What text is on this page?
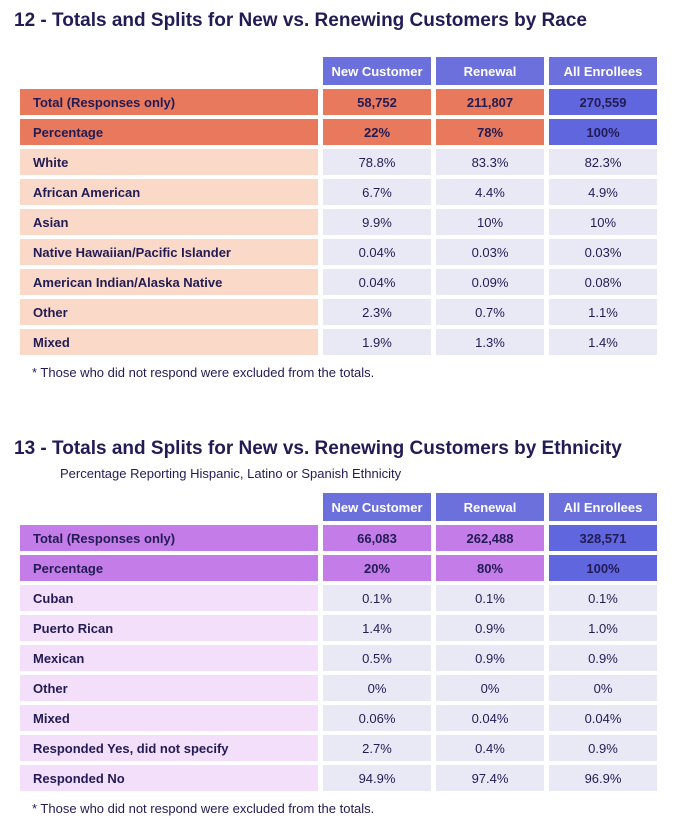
12 - Totals and Splits for New vs. Renewing Customers by Race
New Customer	Renewal	All Enrollees
Total (Responses only)	58,752	211,807	270,559
Percentage	22%	78%	100%
White	78.8%	83.3%	82.3%
African American	6.7%	4.4%	4.9%
Asian	9.9%	10%	10%
Native Hawaiian/Pacific Islander	0.04%	0.03%	0.03%
American Indian/Alaska Native	0.04%	0.09%	0.08%
Other	2.3%	0.7%	1.1%
Mixed	1.9%	1.3%	1.4%
* Those who did not respond were excluded from the totals.
13 - Totals and Splits for New vs. Renewing Customers by Ethnicity
Percentage Reporting Hispanic, Latino or Spanish Ethnicity
New Customer	Renewal	All Enrollees
Total (Responses only)	66,083	262,488	328,571
Percentage	20%	80%	100%
Cuban	0.1%	0.1%	0.1%
Puerto Rican	1.4%	0.9%	1.0%
Mexican	0.5%	0.9%	0.9%
Other	0%	0%	0%
Mixed	0.06%	0.04%	0.04%
Responded Yes, did not specify	2.7%	0.4%	0.9%
Responded No	94.9%	97.4%	96.9%
* Those who did not respond were excluded from the totals.
